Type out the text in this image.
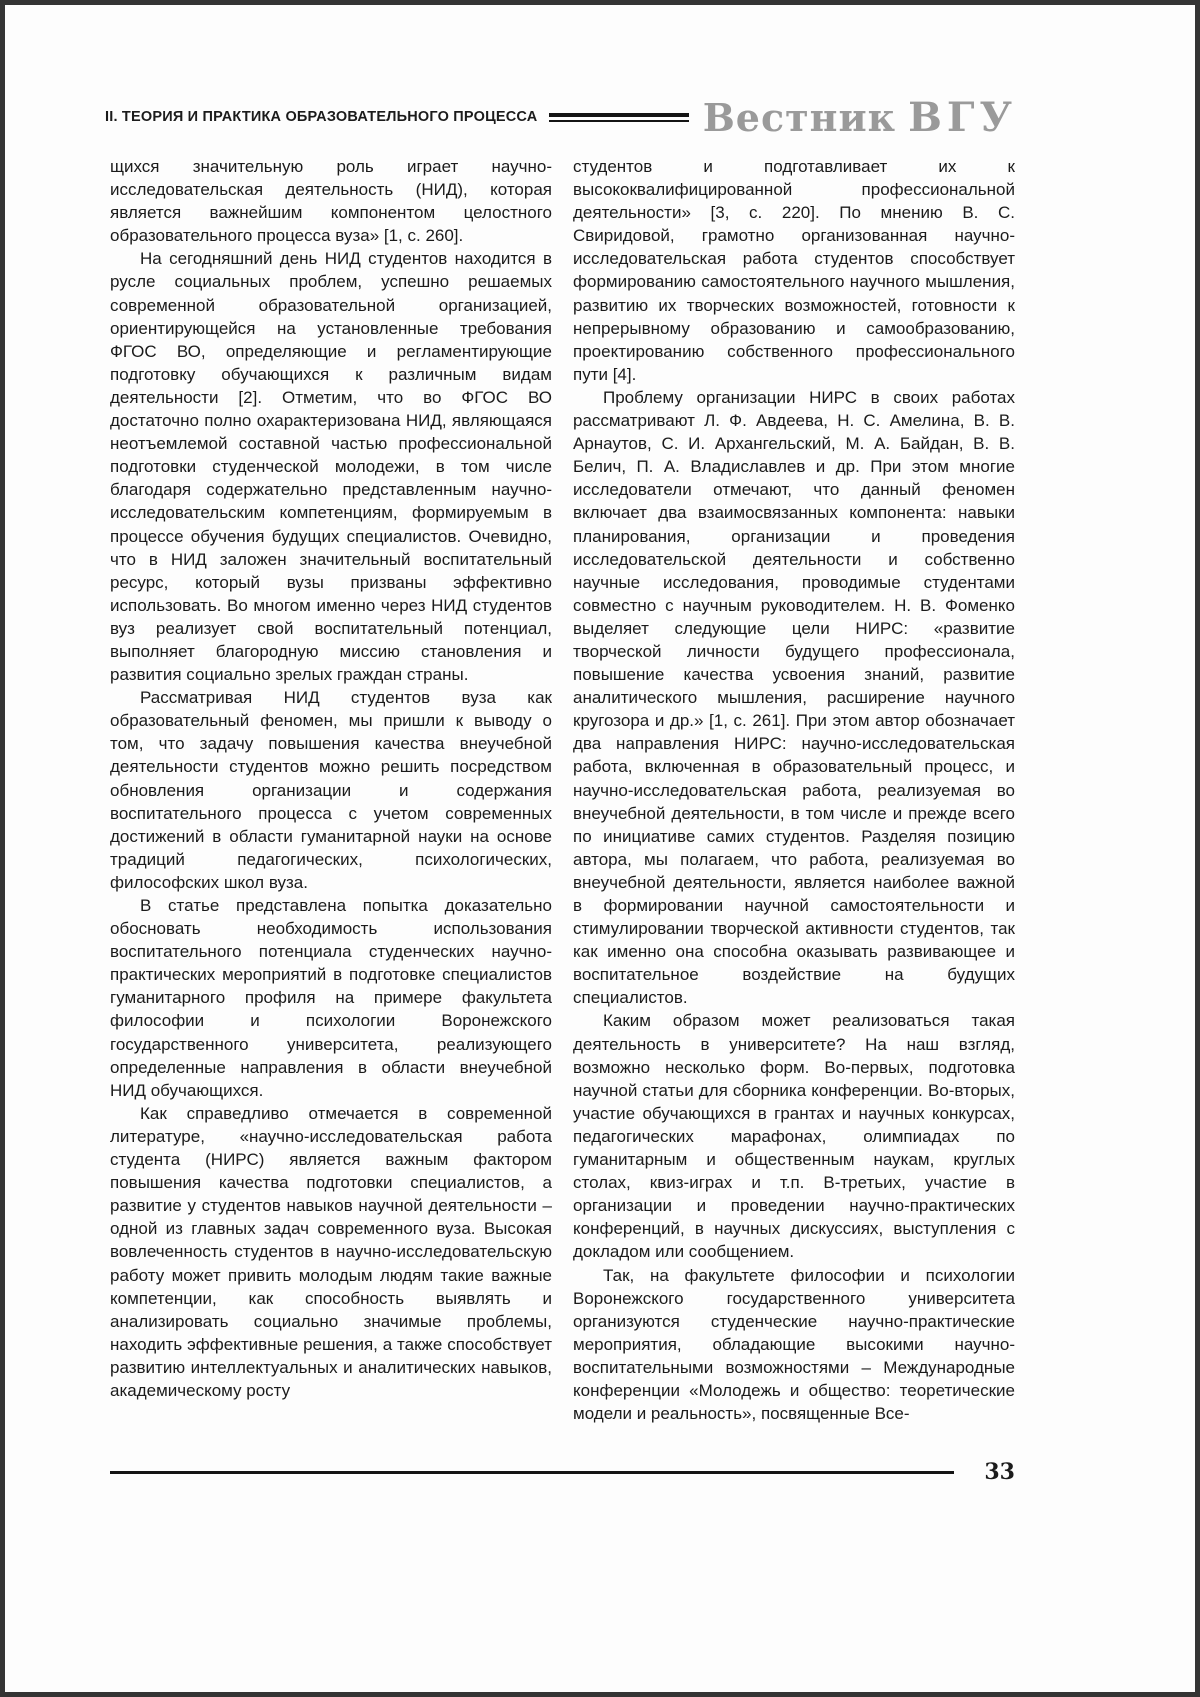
II. ТЕОРИЯ И ПРАКТИКА ОБРАЗОВАТЕЛЬНОГО ПРОЦЕССА	Вестник ВГУ

щихся значительную роль играет научно-исследовательская деятельность (НИД), которая является важнейшим компонентом целостного образовательного процесса вуза» [1, с. 260].

На сегодняшний день НИД студентов находится в русле социальных проблем, успешно решаемых современной образовательной организацией, ориентирующейся на установленные требования ФГОС ВО, определяющие и регламентирующие подготовку обучающихся к различным видам деятельности [2]. Отметим, что во ФГОС ВО достаточно полно охарактеризована НИД, являющаяся неотъемлемой составной частью профессиональной подготовки студенческой молодежи, в том числе благодаря содержательно представленным научно-исследовательским компетенциям, формируемым в процессе обучения будущих специалистов. Очевидно, что в НИД заложен значительный воспитательный ресурс, который вузы призваны эффективно использовать. Во многом именно через НИД студентов вуз реализует свой воспитательный потенциал, выполняет благородную миссию становления и развития социально зрелых граждан страны.

Рассматривая НИД студентов вуза как образовательный феномен, мы пришли к выводу о том, что задачу повышения качества внеучебной деятельности студентов можно решить посредством обновления организации и содержания воспитательного процесса с учетом современных достижений в области гуманитарной науки на основе традиций педагогических, психологических, философских школ вуза.

В статье представлена попытка доказательно обосновать необходимость использования воспитательного потенциала студенческих научно-практических мероприятий в подготовке специалистов гуманитарного профиля на примере факультета философии и психологии Воронежского государственного университета, реализующего определенные направления в области внеучебной НИД обучающихся.

Как справедливо отмечается в современной литературе, «научно-исследовательская работа студента (НИРС) является важным фактором повышения качества подготовки специалистов, а развитие у студентов навыков научной деятельности – одной из главных задач современного вуза. Высокая вовлеченность студентов в научно-исследовательскую работу может привить молодым людям такие важные компетенции, как способность выявлять и анализировать социально значимые проблемы, находить эффективные решения, а также способствует развитию интеллектуальных и аналитических навыков, академическому росту

студентов и подготавливает их к высококвалифицированной профессиональной деятельности» [3, с. 220]. По мнению В. С. Свиридовой, грамотно организованная научно-исследовательская работа студентов способствует формированию самостоятельного научного мышления, развитию их творческих возможностей, готовности к непрерывному образованию и самообразованию, проектированию собственного профессионального пути [4].

Проблему организации НИРС в своих работах рассматривают Л. Ф. Авдеева, Н. С. Амелина, В. В. Арнаутов, С. И. Архангельский, М. А. Байдан, В. В. Белич, П. А. Владиславлев и др. При этом многие исследователи отмечают, что данный феномен включает два взаимосвязанных компонента: навыки планирования, организации и проведения исследовательской деятельности и собственно научные исследования, проводимые студентами совместно с научным руководителем. Н. В. Фоменко выделяет следующие цели НИРС: «развитие творческой личности будущего профессионала, повышение качества усвоения знаний, развитие аналитического мышления, расширение научного кругозора и др.» [1, с. 261]. При этом автор обозначает два направления НИРС: научно-исследовательская работа, включенная в образовательный процесс, и научно-исследовательская работа, реализуемая во внеучебной деятельности, в том числе и прежде всего по инициативе самих студентов. Разделяя позицию автора, мы полагаем, что работа, реализуемая во внеучебной деятельности, является наиболее важной в формировании научной самостоятельности и стимулировании творческой активности студентов, так как именно она способна оказывать развивающее и воспитательное воздействие на будущих специалистов.

Каким образом может реализоваться такая деятельность в университете? На наш взгляд, возможно несколько форм. Во-первых, подготовка научной статьи для сборника конференции. Во-вторых, участие обучающихся в грантах и научных конкурсах, педагогических марафонах, олимпиадах по гуманитарным и общественным наукам, круглых столах, квиз-играх и т.п. В-третьих, участие в организации и проведении научно-практических конференций, в научных дискуссиях, выступления с докладом или сообщением.

Так, на факультете философии и психологии Воронежского государственного университета организуются студенческие научно-практические мероприятия, обладающие высокими научно-воспитательными возможностями – Международные конференции «Молодежь и общество: теоретические модели и реальность», посвященные Все-

33
